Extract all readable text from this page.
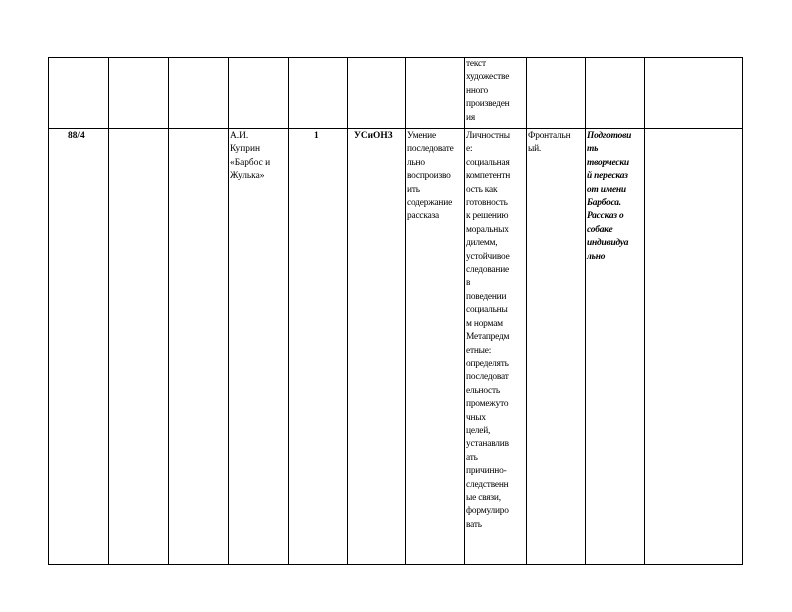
текст
художестве
нного
произведен
ия
88/4	А.И.
Куприн
«Барбос и
Жулька»
1	УСиОНЗ Умение
последовате
льно
воспроизво
ить
содержание
рассказа
Личностны
е:
социальная
компетентн
ость как
готовность
к решению
моральных
дилемм,
устойчивое
следование
в
поведении
социальны
м нормам
Метапредм
етные:
определять
последоват
ельность
промежуто
чных
целей,
устанавлив
ать
причинно-
следственн
ые связи,
формулиро
вать
Фронтальн
ый.
Подготови
ть
творчески
й пересказ
от имени
Барбоса.
Рассказ о
собаке
индивидуа
льно
